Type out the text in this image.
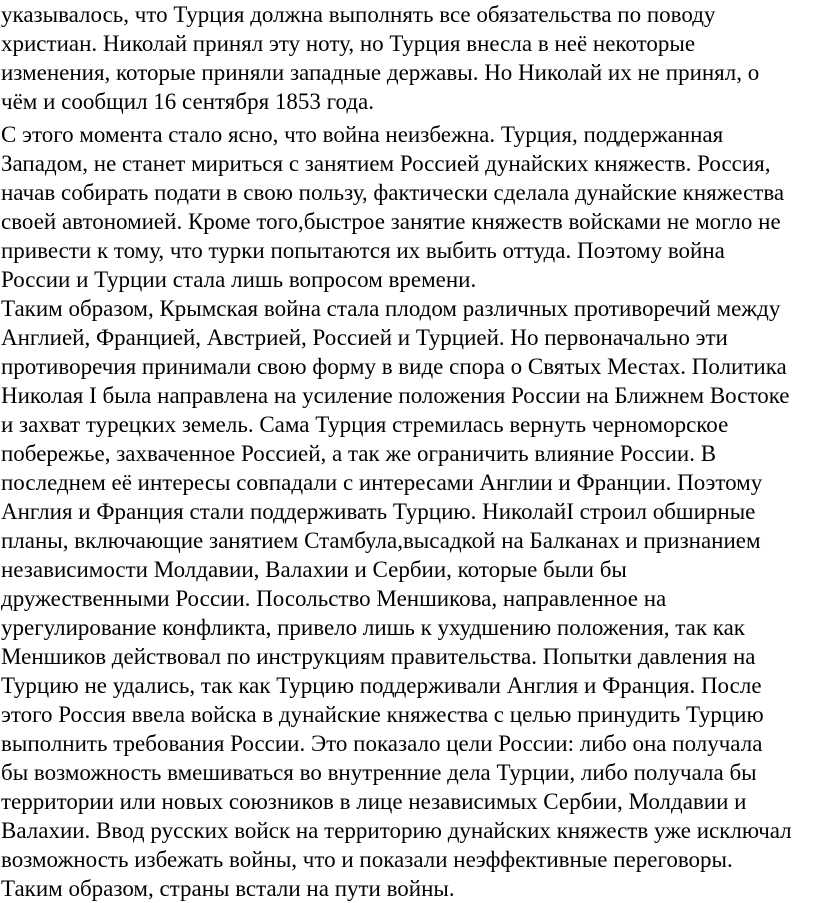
указывалось, что Турция должна выполнять все обязательства по поводу
христиан. Николай принял эту ноту, но Турция внесла в неё некоторые
изменения, которые приняли западные державы. Но Николай их не принял, о
чём и сообщил 16 сентября 1853 года.
С этого момента стало ясно, что война неизбежна. Турция, поддержанная
Западом, не станет мириться с занятием Россией дунайских княжеств. Россия,
начав собирать подати в свою пользу, фактически сделала дунайские княжества
своей автономией. Кроме того,быстрое занятие княжеств войсками не могло не
привести к тому, что турки попытаются их выбить оттуда. Поэтому война
России и Турции стала лишь вопросом времени.
Таким образом, Крымская война стала плодом различных противоречий между
Англией, Францией, Австрией, Россией и Турцией. Но первоначально эти
противоречия принимали свою форму в виде спора о Святых Местах. Политика
Николая I была направлена на усиление положения России на Ближнем Востоке
и захват турецких земель. Сама Турция стремилась вернуть черноморское
побережье, захваченное Россией, а так же ограничить влияние России. В
последнем её интересы совпадали с интересами Англии и Франции. Поэтому
Англия и Франция стали поддерживать Турцию. НиколайI строил обширные
планы, включающие занятием Стамбула,высадкой на Балканах и признанием
независимости Молдавии, Валахии и Сербии, которые были бы
дружественными России. Посольство Меншикова, направленное на
урегулирование конфликта, привело лишь к ухудшению положения, так как
Меншиков действовал по инструкциям правительства. Попытки давления на
Турцию не удались, так как Турцию поддерживали Англия и Франция. После
этого Россия ввела войска в дунайские княжества с целью принудить Турцию
выполнить требования России. Это показало цели России: либо она получала
бы возможность вмешиваться во внутренние дела Турции, либо получала бы
территории или новых союзников в лице независимых Сербии, Молдавии и
Валахии. Ввод русских войск на территорию дунайских княжеств уже исключал
возможность избежать войны, что и показали неэффективные переговоры.
Таким образом, страны встали на пути войны.
